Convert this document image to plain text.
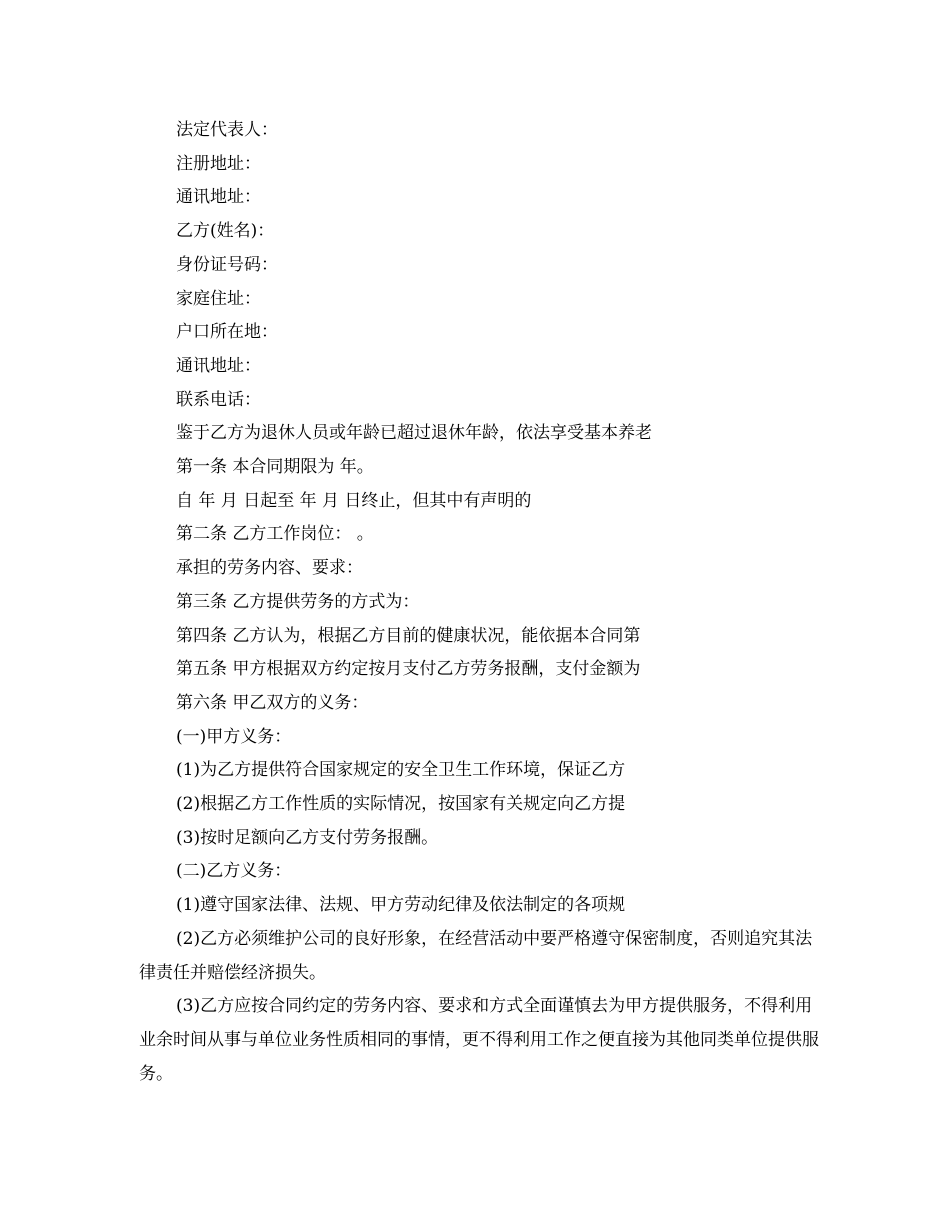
法定代表人：

注册地址：

通讯地址：

乙方(姓名)：

身份证号码：

家庭住址：

户口所在地：

通讯地址：

联系电话：

鉴于乙方为退休人员或年龄已超过退休年龄，依法享受基本养老

第一条 本合同期限为 年。

自 年 月 日起至 年 月 日终止，但其中有声明的

第二条 乙方工作岗位： 。

承担的劳务内容、要求：

第三条 乙方提供劳务的方式为：

第四条 乙方认为，根据乙方目前的健康状况，能依据本合同第

第五条 甲方根据双方约定按月支付乙方劳务报酬，支付金额为

第六条 甲乙双方的义务：

(一)甲方义务：

(1)为乙方提供符合国家规定的安全卫生工作环境，保证乙方

(2)根据乙方工作性质的实际情况，按国家有关规定向乙方提

(3)按时足额向乙方支付劳务报酬。

(二)乙方义务：

(1)遵守国家法律、法规、甲方劳动纪律及依法制定的各项规

(2)乙方必须维护公司的良好形象，在经营活动中要严格遵守保密制度，否则追究其法律责任并赔偿经济损失。

(3)乙方应按合同约定的劳务内容、要求和方式全面谨慎去为甲方提供服务，不得利用业余时间从事与单位业务性质相同的事情，更不得利用工作之便直接为其他同类单位提供服务。
